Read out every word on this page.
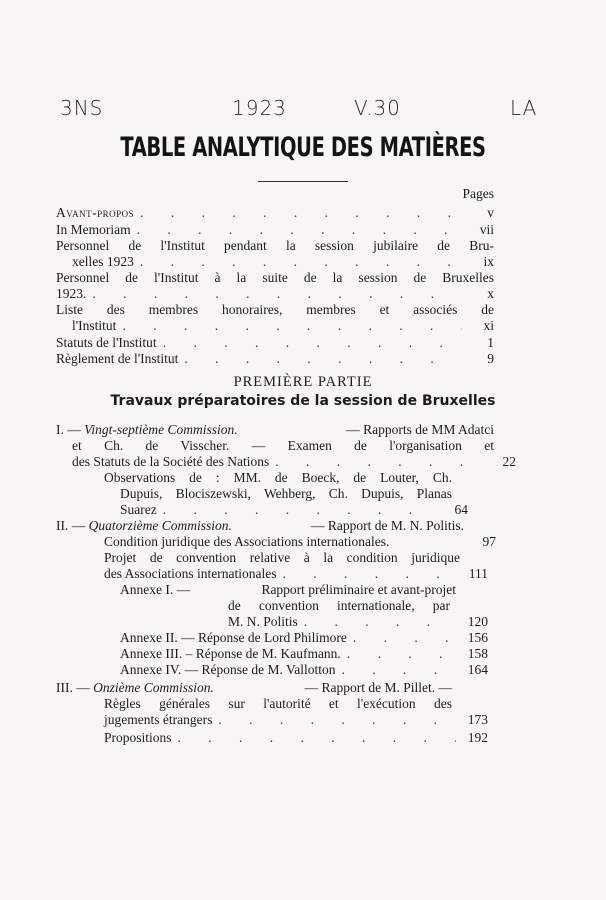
3NS	1923	V.30	LA
TABLE ANALYTIQUE DES MATIÈRES
Pages
Avant-propos . . .	v
In Memoriam . . .	vii
Personnel de l'Institut pendant la session jubilaire de Bru-
xelles 1923 . . .	ix
Personnel de l'Institut à la suite de la session de Bruxelles
1923. . . .	x
Liste des membres honoraires, membres et associés de
l'Institut . . .	xi
Statuts de l'Institut . . .	1
Règlement de l'Institut . . .	9
PREMIÈRE PARTIE
Travaux préparatoires de la session de Bruxelles
I. — Vingt-septième Commission.	— Rapports de MM Adatci
et Ch. de Visscher. — Examen de l'organisation et
des Statuts de la Société des Nations . . .	22
Observations de : MM. de Boeck, de Louter, Ch.
Dupuis, Blociszewski, Wehberg, Ch. Dupuis, Planas
Suarez . . .	64
II. — Quatorzième Commission.	— Rapport de M. N. Politis.
Condition juridique des Associations internationales.	97
Projet de convention relative à la condition juridique
des Associations internationales . . .	111
Annexe I. —	Rapport préliminaire et avant-projet
de convention internationale, par
M. N. Politis . . .	120
Annexe II. — Réponse de Lord Philimore . . .	156
Annexe III. – Réponse de M. Kaufmann. . . .	158
Annexe IV. — Réponse de M. Vallotton . . .	164
III. — Onzième Commission.	— Rapport de M. Pillet. —
Règles générales sur l'autorité et l'exécution des
jugements étrangers . . .	173
Propositions . . .	192
